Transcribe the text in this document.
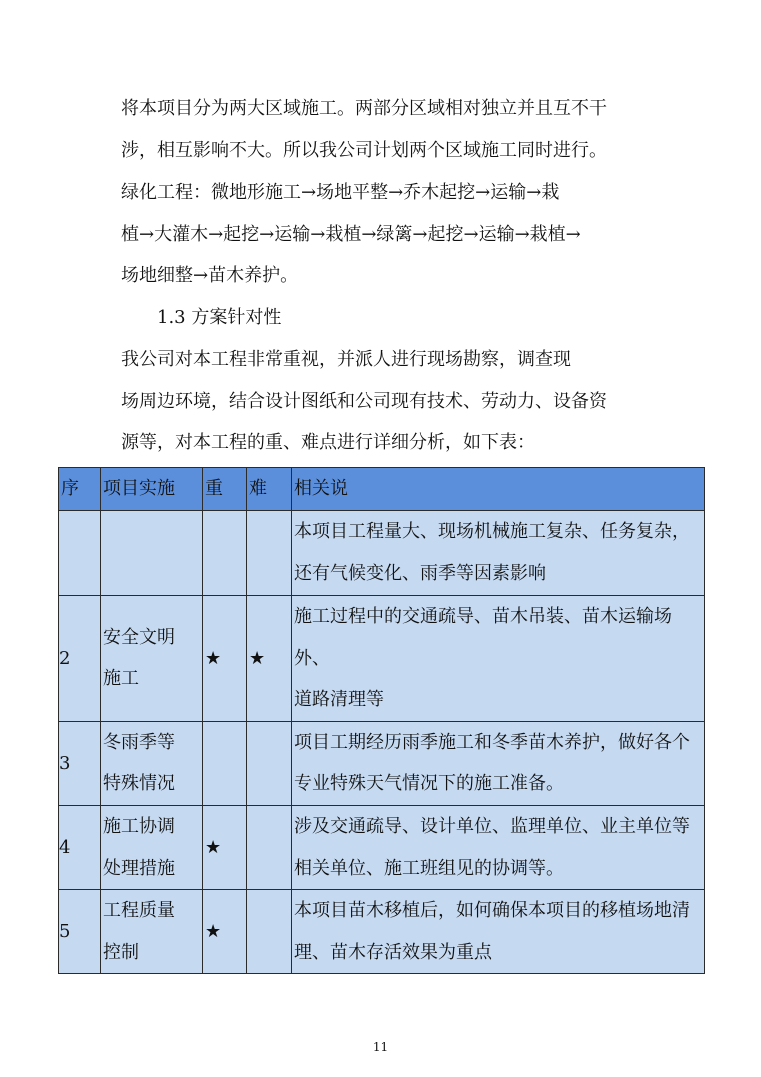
将本项目分为两大区域施工。两部分区域相对独立并且互不干
涉，相互影响不大。所以我公司计划两个区域施工同时进行。

绿化工程：微地形施工→场地平整→乔木起挖→运输→栽
植→大灌木→起挖→运输→栽植→绿篱→起挖→运输→栽植→
场地细整→苗木养护。

1.3 方案针对性

我公司对本工程非常重视，并派人进行现场勘察，调查现
场周边环境，结合设计图纸和公司现有技术、劳动力、设备资
源等，对本工程的重、难点进行详细分析，如下表：

序	项目实施	重	难	相关说
				本项目工程量大、现场机械施工复杂、任务复杂，
还有气候变化、雨季等因素影响
2	安全文明
施工	★	★	施工过程中的交通疏导、苗木吊装、苗木运输场
外、
道路清理等
3	冬雨季等
特殊情况			项目工期经历雨季施工和冬季苗木养护，做好各个
专业特殊天气情况下的施工准备。
4	施工协调
处理措施	★		涉及交通疏导、设计单位、监理单位、业主单位等
相关单位、施工班组见的协调等。
5	工程质量
控制	★		本项目苗木移植后，如何确保本项目的移植场地清
理、苗木存活效果为重点
11
